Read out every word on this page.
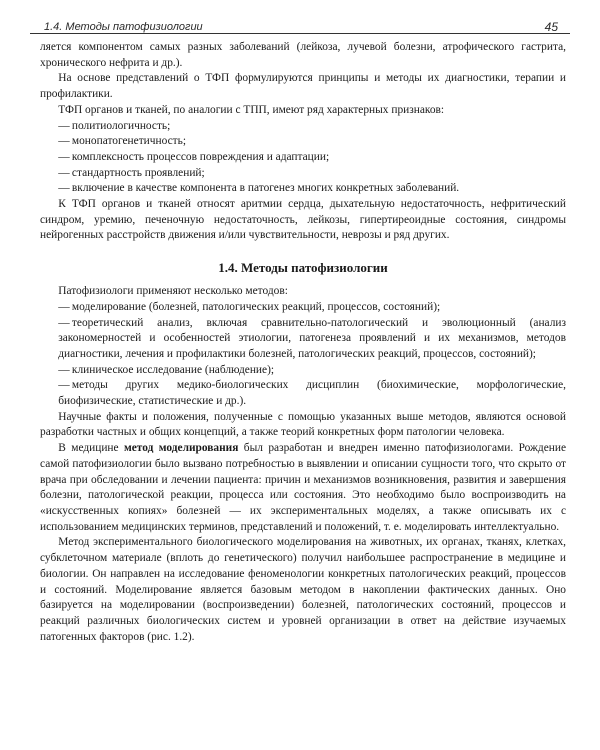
1.4. Методы патофизиологии	45

ляется компонентом самых разных заболеваний (лейкоза, лучевой болезни, атрофического гастрита, хронического нефрита и др.).

На основе представлений о ТФП формулируются принципы и методы их диагностики, терапии и профилактики.

ТФП органов и тканей, по аналогии с ТПП, имеют ряд характерных признаков:

— политиологичность;

— монопатогенетичность;

— комплексность процессов повреждения и адаптации;

— стандартность проявлений;

— включение в качестве компонента в патогенез многих конкретных заболеваний.

К ТФП органов и тканей относят аритмии сердца, дыхательную недостаточность, нефритический синдром, уремию, печеночную недостаточность, лейкозы, гипертиреоидные состояния, синдромы нейрогенных расстройств движения и/или чувствительности, неврозы и ряд других.

1.4. Методы патофизиологии

Патофизиологи применяют несколько методов:

— моделирование (болезней, патологических реакций, процессов, состояний);

— теоретический анализ, включая сравнительно-патологический и эволюционный (анализ закономерностей и особенностей этиологии, патогенеза проявлений и их механизмов, методов диагностики, лечения и профилактики болезней, патологических реакций, процессов, состояний);

— клиническое исследование (наблюдение);

— методы других медико-биологических дисциплин (биохимические, морфологические, биофизические, статистические и др.).

Научные факты и положения, полученные с помощью указанных выше методов, являются основой разработки частных и общих концепций, а также теорий конкретных форм патологии человека.

В медицине метод моделирования был разработан и внедрен именно патофизиологами. Рождение самой патофизиологии было вызвано потребностью в выявлении и описании сущности того, что скрыто от врача при обследовании и лечении пациента: причин и механизмов возникновения, развития и завершения болезни, патологической реакции, процесса или состояния. Это необходимо было воспроизводить на «искусственных копиях» болезней — их экспериментальных моделях, а также описывать их с использованием медицинских терминов, представлений и положений, т. е. моделировать интеллектуально.

Метод экспериментального биологического моделирования на животных, их органах, тканях, клетках, субклеточном материале (вплоть до генетического) получил наибольшее распространение в медицине и биологии. Он направлен на исследование феноменологии конкретных патологических реакций, процессов и состояний. Моделирование является базовым методом в накоплении фактических данных. Оно базируется на моделировании (воспроизведении) болезней, патологических состояний, процессов и реакций различных биологических систем и уровней организации в ответ на действие изучаемых патогенных факторов (рис. 1.2).
